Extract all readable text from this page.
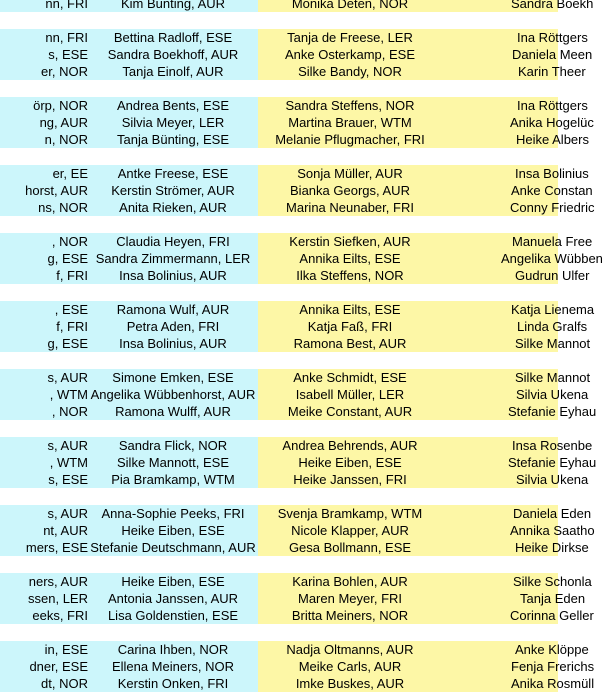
nn, FRI	Kim Bunting, AUR	Monika Deten, NOR	Sandra Boekh
nn, FRI	Bettina Radloff, ESE	Tanja de Freese, LER	Ina Röttgers
s, ESE	Sandra Boekhoff, AUR	Anke Osterkamp, ESE	Daniela Meen
er, NOR	Tanja Einolf, AUR	Silke Bandy, NOR	Karin Theer
örp, NOR	Andrea Bents, ESE	Sandra Steffens, NOR	Ina Röttgers
ng, AUR	Silvia Meyer, LER	Martina Brauer, WTM	Anika Hogelüc
n, NOR	Tanja Bünting, ESE	Melanie Pflugmacher, FRI	Heike Albers
er, EE	Antke Freese, ESE	Sonja Müller, AUR	Insa Bolinius
horst, AUR	Kerstin Strömer, AUR	Bianka Georgs, AUR	Anke Constan
ns, NOR	Anita Rieken, AUR	Marina Neunaber, FRI	Conny Friedric
, NOR	Claudia Heyen, FRI	Kerstin Siefken, AUR	Manuela Free
g, ESE Sandra Zimmermann, LER	Annika Eilts, ESE	Angelika Wübben
f, FRI	Insa Bolinius, AUR	Ilka Steffens, NOR	Gudrun Ulfer
, ESE	Ramona Wulf, AUR	Annika Eilts, ESE	Katja Lienema
f, FRI	Petra Aden, FRI	Katja Faß, FRI	Linda Gralfs
g, ESE	Insa Bolinius, AUR	Ramona Best, AUR	Silke Mannot
s, AUR	Simone Emken, ESE	Anke Schmidt, ESE	Silke Mannot
, WTM Angelika Wübbenhorst, AUR	Isabell Müller, LER	Silvia Ukena
, NOR	Ramona Wulff, AUR	Meike Constant, AUR	Stefanie Eyhau
s, AUR	Sandra Flick, NOR	Andrea Behrends, AUR	Insa Rosenbe
, WTM	Silke Mannott, ESE	Heike Eiben, ESE	Stefanie Eyhau
s, ESE	Pia Bramkamp, WTM	Heike Janssen, FRI	Silvia Ukena
s, AUR	Anna-Sophie Peeks, FRI	Svenja Bramkamp, WTM	Daniela Eden
nt, AUR	Heike Eiben, ESE	Nicole Klapper, AUR	Annika Saatho
mers, ESE Stefanie Deutschmann, AUR	Gesa Bollmann, ESE	Heike Dirkse
ners, AUR	Heike Eiben, ESE	Karina Bohlen, AUR	Silke Schonla
ssen, LER	Antonia Janssen, AUR	Maren Meyer, FRI	Tanja Eden
eeks, FRI	Lisa Goldenstien, ESE	Britta Meiners, NOR	Corinna Geller
in, ESE	Carina Ihben, NOR	Nadja Oltmanns, AUR	Anke Klöppe
dner, ESE	Ellena Meiners, NOR	Meike Carls, AUR	Fenja Frerichs
dt, NOR	Kerstin Onken, FRI	Imke Buskes, AUR	Anika Rosmüll
